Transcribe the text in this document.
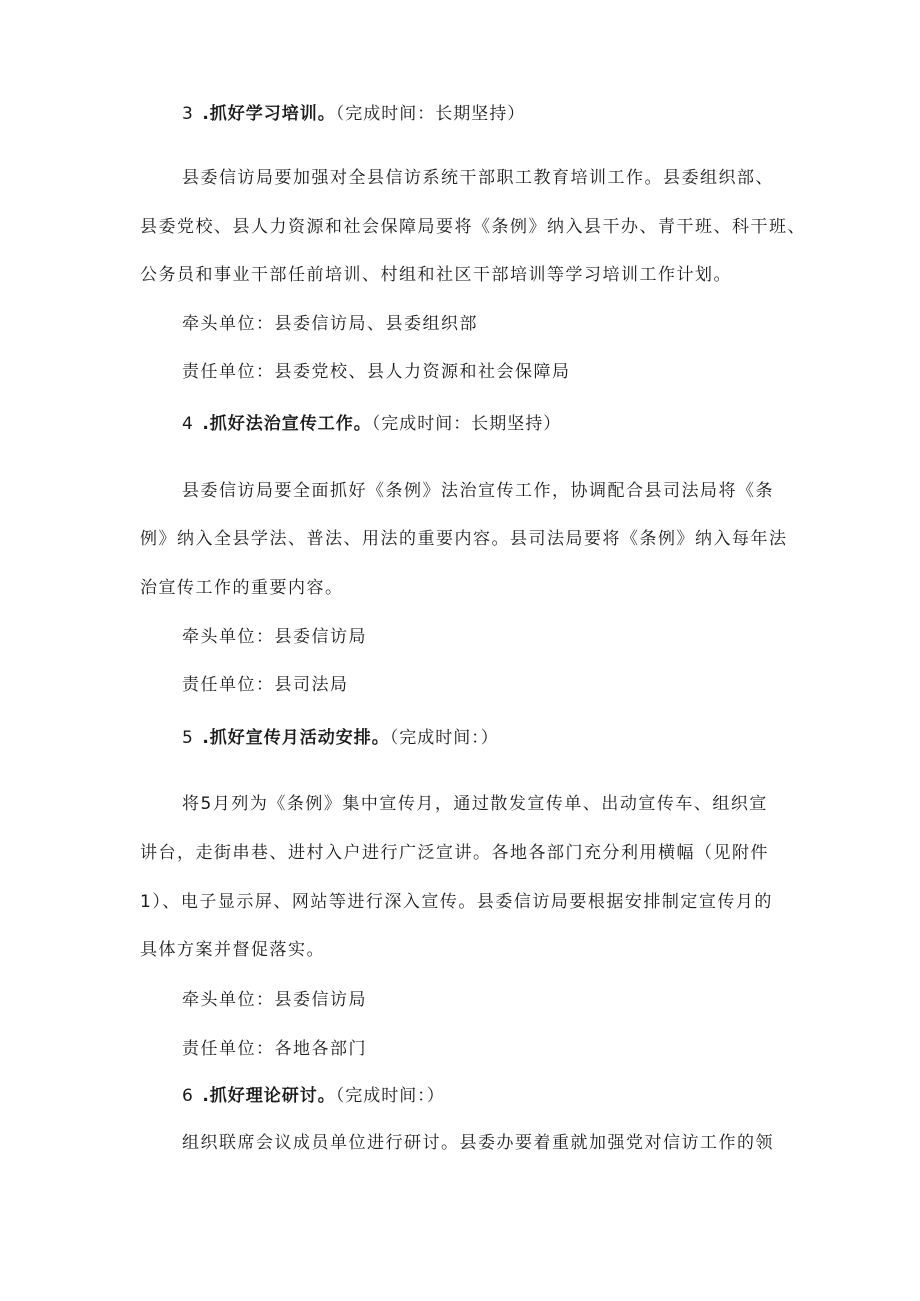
3 .抓好学习培训。（完成时间：长期坚持）
县委信访局要加强对全县信访系统干部职工教育培训工作。县委组织部、
县委党校、县人力资源和社会保障局要将《条例》纳入县干办、青干班、科干班、
公务员和事业干部任前培训、村组和社区干部培训等学习培训工作计划。
牵头单位：县委信访局、县委组织部
责任单位：县委党校、县人力资源和社会保障局
4 .抓好法治宣传工作。（完成时间：长期坚持）
县委信访局要全面抓好《条例》法治宣传工作，协调配合县司法局将《条
例》纳入全县学法、普法、用法的重要内容。县司法局要将《条例》纳入每年法
治宣传工作的重要内容。
牵头单位：县委信访局
责任单位：县司法局
5 .抓好宣传月活动安排。（完成时间：）
将5月列为《条例》集中宣传月，通过散发宣传单、出动宣传车、组织宣
讲台，走街串巷、进村入户进行广泛宣讲。各地各部门充分利用横幅（见附件
1）、电子显示屏、网站等进行深入宣传。县委信访局要根据安排制定宣传月的
具体方案并督促落实。
牵头单位：县委信访局
责任单位：各地各部门
6 .抓好理论研讨。（完成时间：）
组织联席会议成员单位进行研讨。县委办要着重就加强党对信访工作的领
